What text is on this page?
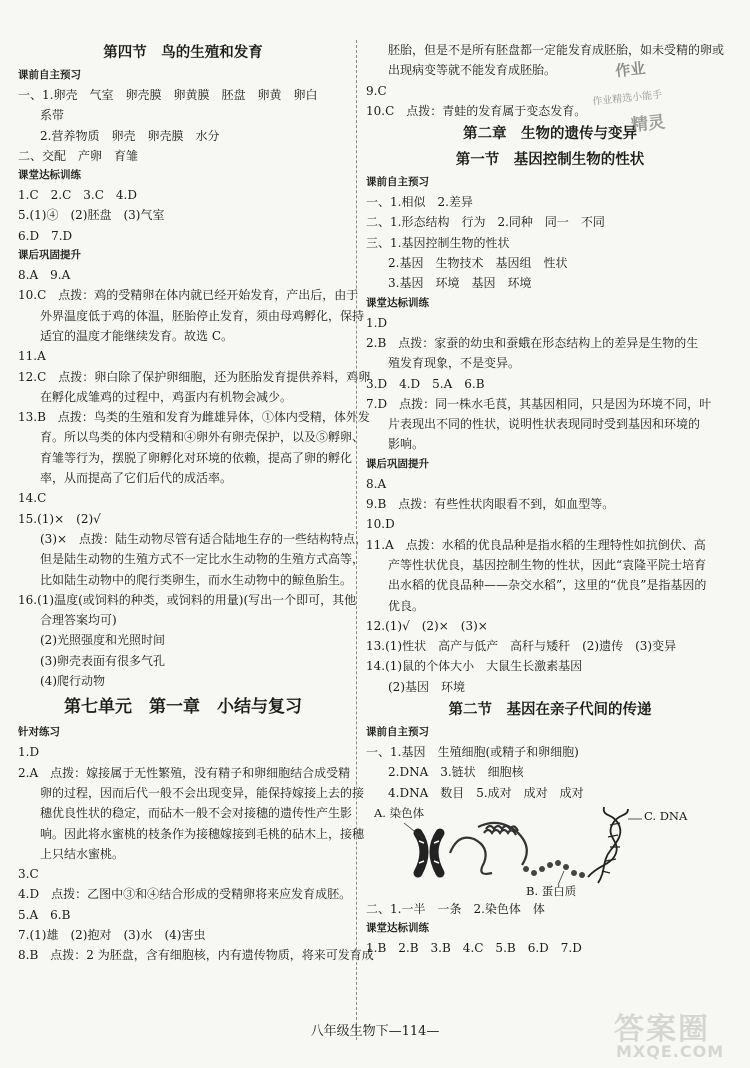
第四节　鸟的生殖和发育
课前自主预习
一、1.卵壳　气室　卵壳膜　卵黄膜　胚盘　卵黄　卵白
系带
2.营养物质　卵壳　卵壳膜　水分
二、交配　产卵　育雏
课堂达标训练
1.C　2.C　3.C　4.D
5.(1)④　(2)胚盘　(3)气室
6.D　7.D
课后巩固提升
8.A　9.A
10.C　点拨：鸡的受精卵在体内就已经开始发育，产出后，由于
外界温度低于鸡的体温，胚胎停止发育，须由母鸡孵化，保持
适宜的温度才能继续发育。故选 C。
11.A
12.C　点拨：卵白除了保护卵细胞，还为胚胎发育提供养料，鸡卵
在孵化成雏鸡的过程中，鸡蛋内有机物会减少。
13.B　点拨：鸟类的生殖和发育为雌雄异体，①体内受精，体外发
育。所以鸟类的体内受精和④卵外有卵壳保护，以及⑤孵卵、
育雏等行为，摆脱了卵孵化对环境的依赖，提高了卵的孵化
率，从而提高了它们后代的成活率。
14.C
15.(1)×　(2)√
(3)×　点拨：陆生动物尽管有适合陆地生存的一些结构特点，
但是陆生动物的生殖方式不一定比水生动物的生殖方式高等，
比如陆生动物中的爬行类卵生，而水生动物中的鲸鱼胎生。
16.(1)温度(或饲料的种类，或饲料的用量)(写出一个即可，其他
合理答案均可)
(2)光照强度和光照时间
(3)卵壳表面有很多气孔
(4)爬行动物
第七单元　第一章　小结与复习
针对练习
1.D
2.A　点拨：嫁接属于无性繁殖，没有精子和卵细胞结合成受精
卵的过程，因而后代一般不会出现变异，能保持嫁接上去的接
穗优良性状的稳定，而砧木一般不会对接穗的遗传性产生影
响。因此将水蜜桃的枝条作为接穗嫁接到毛桃的砧木上，接穗
上只结水蜜桃。
3.C
4.D　点拨：乙图中③和④结合形成的受精卵将来应发育成胚。
5.A　6.B
7.(1)雄　(2)抱对　(3)水　(4)害虫
8.B　点拨：2 为胚盘，含有细胞核，内有遗传物质，将来可发育成
胚胎，但是不是所有胚盘都一定能发育成胚胎，如未受精的卵或
出现病变等就不能发育成胚胎。
9.C
10.C　点拨：青蛙的发育属于变态发育。
第二章　生物的遗传与变异
第一节　基因控制生物的性状
课前自主预习
一、1.相似　2.差异
二、1.形态结构　行为　2.同种　同一　不同
三、1.基因控制生物的性状
2.基因　生物技术　基因组　性状
3.基因　环境　基因　环境
课堂达标训练
1.D
2.B　点拨：家蚕的幼虫和蚕蛾在形态结构上的差异是生物的生
殖发育现象，不是变异。
3.D　4.D　5.A　6.B
7.D　点拨：同一株水毛茛，其基因相同，只是因为环境不同，叶
片表现出不同的性状，说明性状表现同时受到基因和环境的
影响。
课后巩固提升
8.A
9.B　点拨：有些性状肉眼看不到，如血型等。
10.D
11.A　点拨：水稻的优良品种是指水稻的生理特性如抗倒伏、高
产等性状优良，基因控制生物的性状，因此“袁隆平院士培育
出水稻的优良品种——杂交水稻”，这里的“优良”是指基因的
优良。
12.(1)√　(2)×　(3)×
13.(1)性状　高产与低产　高秆与矮秆　(2)遗传　(3)变异
14.(1)鼠的个体大小　大鼠生长激素基因
(2)基因　环境
第二节　基因在亲子代间的传递
课前自主预习
一、1.基因　生殖细胞(或精子和卵细胞)
2.DNA　3.链状　细胞核
4.DNA　数目　5.成对　成对　成对
A. 染色体	C. DNA
B. 蛋白质
二、1.一半　一条　2.染色体　体
课堂达标训练
1.B　2.B　3.B　4.C　5.B　6.D　7.D
作业
作业精选小能手
精灵
八年级生物下—114—	答案圈
MXQE.COM
